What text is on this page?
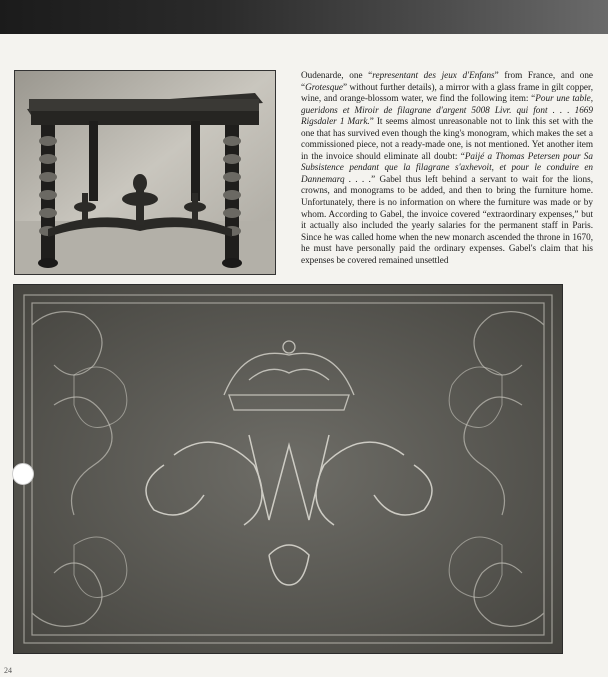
Oudenarde, one “representant des jeux d'Enfans” from France, and one “Grotesque” without further details), a mirror with a glass frame in gilt copper, wine, and orange-blossom water, we find the following item: “Pour une table, gueridons et Miroir de filagrane d'argent 5008 Livr. qui font . . . 1669 Rigsdaler 1 Mark.” It seems almost unreasonable not to link this set with the one that has survived even though the king's monogram, which makes the set a commissioned piece, not a ready-made one, is not mentioned. Yet another item in the invoice should eliminate all doubt: “Paijé a Thomas Petersen pour Sa Subsistence pendant que la filagrane s'axhevoit, et pour le conduire en Dannemarq . . . .” Gabel thus left behind a servant to wait for the lions, crowns, and monograms to be added, and then to bring the furniture home. Unfortunately, there is no information on where the furniture was made or by whom. According to Gabel, the invoice covered “extraordinary expenses,” but it actually also included the yearly salaries for the permanent staff in Paris. Since he was called home when the new monarch ascended the throne in 1670, he must have personally paid the ordinary expenses. Gabel's claim that his expenses be covered remained unsettled

24
